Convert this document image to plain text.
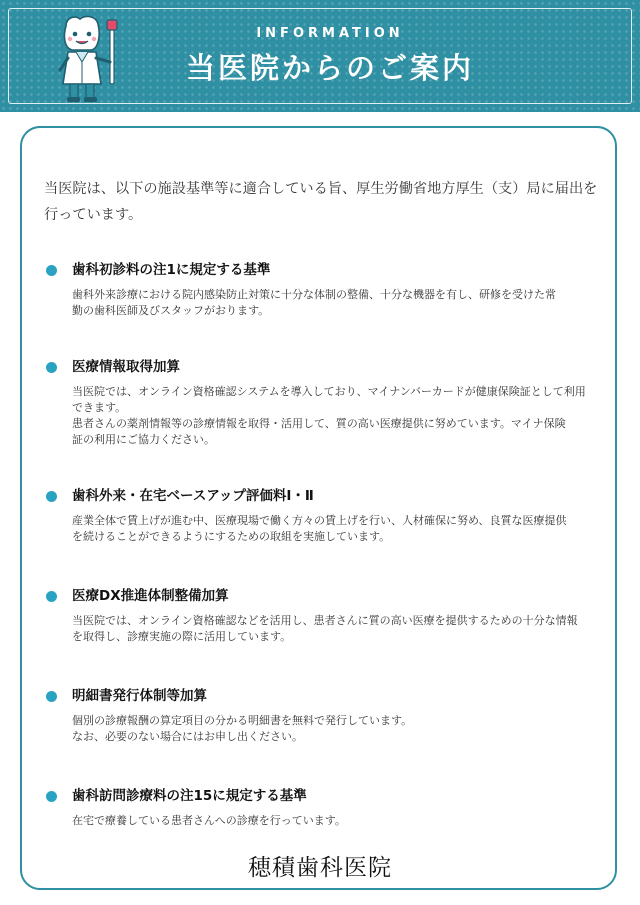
INFORMATION
当医院からのご案内

当医院は、以下の施設基準等に適合している旨、厚生労働省地方厚生（支）局に届出を行っています。

歯科初診料の注1に規定する基準

歯科外来診療における院内感染防止対策に十分な体制の整備、十分な機器を有し、研修を受けた常
勤の歯科医師及びスタッフがおります。

医療情報取得加算

当医院では、オンライン資格確認システムを導入しており、マイナンバーカードが健康保険証として利用
できます。
患者さんの薬剤情報等の診療情報を取得・活用して、質の高い医療提供に努めています。マイナ保険
証の利用にご協力ください。

歯科外来・在宅ベースアップ評価料Ⅰ・Ⅱ

産業全体で賃上げが進む中、医療現場で働く方々の賃上げを行い、人材確保に努め、良質な医療提供
を続けることができるようにするための取組を実施しています。

医療DX推進体制整備加算

当医院では、オンライン資格確認などを活用し、患者さんに質の高い医療を提供するための十分な情報
を取得し、診療実施の際に活用しています。

明細書発行体制等加算

個別の診療報酬の算定項目の分かる明細書を無料で発行しています。
なお、必要のない場合にはお申し出ください。

歯科訪問診療料の注15に規定する基準

在宅で療養している患者さんへの診療を行っています。

穂積歯科医院
